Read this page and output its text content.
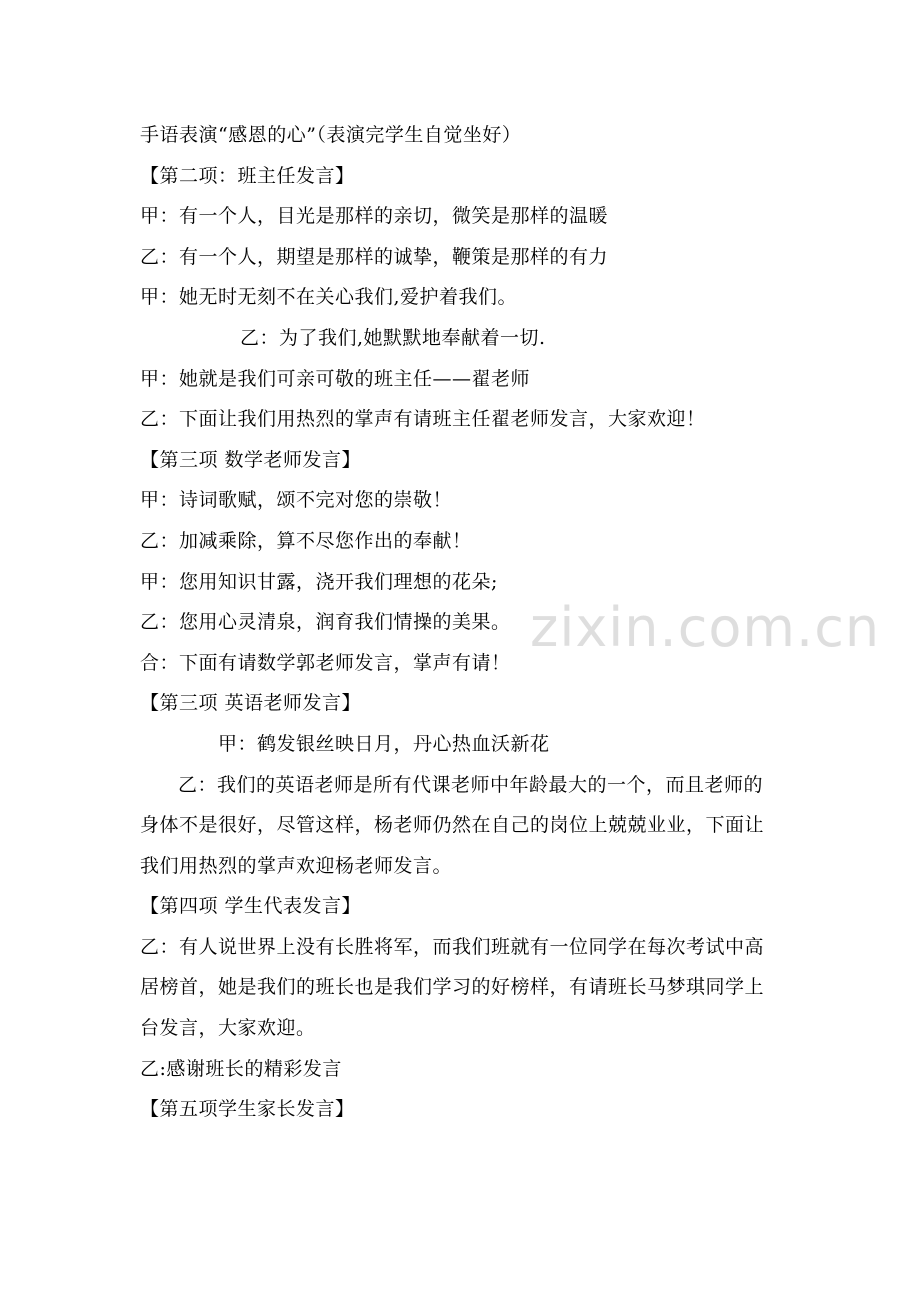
手语表演“感恩的心”（表演完学生自觉坐好）
【第二项：班主任发言】
甲：有一个人，目光是那样的亲切，微笑是那样的温暖
乙：有一个人，期望是那样的诚挚，鞭策是那样的有力
甲：她无时无刻不在关心我们,爱护着我们。
乙：为了我们,她默默地奉献着一切.
甲：她就是我们可亲可敬的班主任——翟老师
乙：下面让我们用热烈的掌声有请班主任翟老师发言，大家欢迎！
【第三项 数学老师发言】
甲：诗词歌赋，颂不完对您的崇敬！
乙：加减乘除，算不尽您作出的奉献！
甲：您用知识甘露，浇开我们理想的花朵;
乙：您用心灵清泉，润育我们情操的美果。
合：下面有请数学郭老师发言，掌声有请！
【第三项 英语老师发言】
甲：鹤发银丝映日月，丹心热血沃新花
乙：我们的英语老师是所有代课老师中年龄最大的一个，而且老师的身体不是很好，尽管这样，杨老师仍然在自己的岗位上兢兢业业，下面让我们用热烈的掌声欢迎杨老师发言。
【第四项 学生代表发言】
乙：有人说世界上没有长胜将军，而我们班就有一位同学在每次考试中高居榜首，她是我们的班长也是我们学习的好榜样，有请班长马梦琪同学上台发言，大家欢迎。
乙:感谢班长的精彩发言
【第五项学生家长发言】
zixin.com.cn
